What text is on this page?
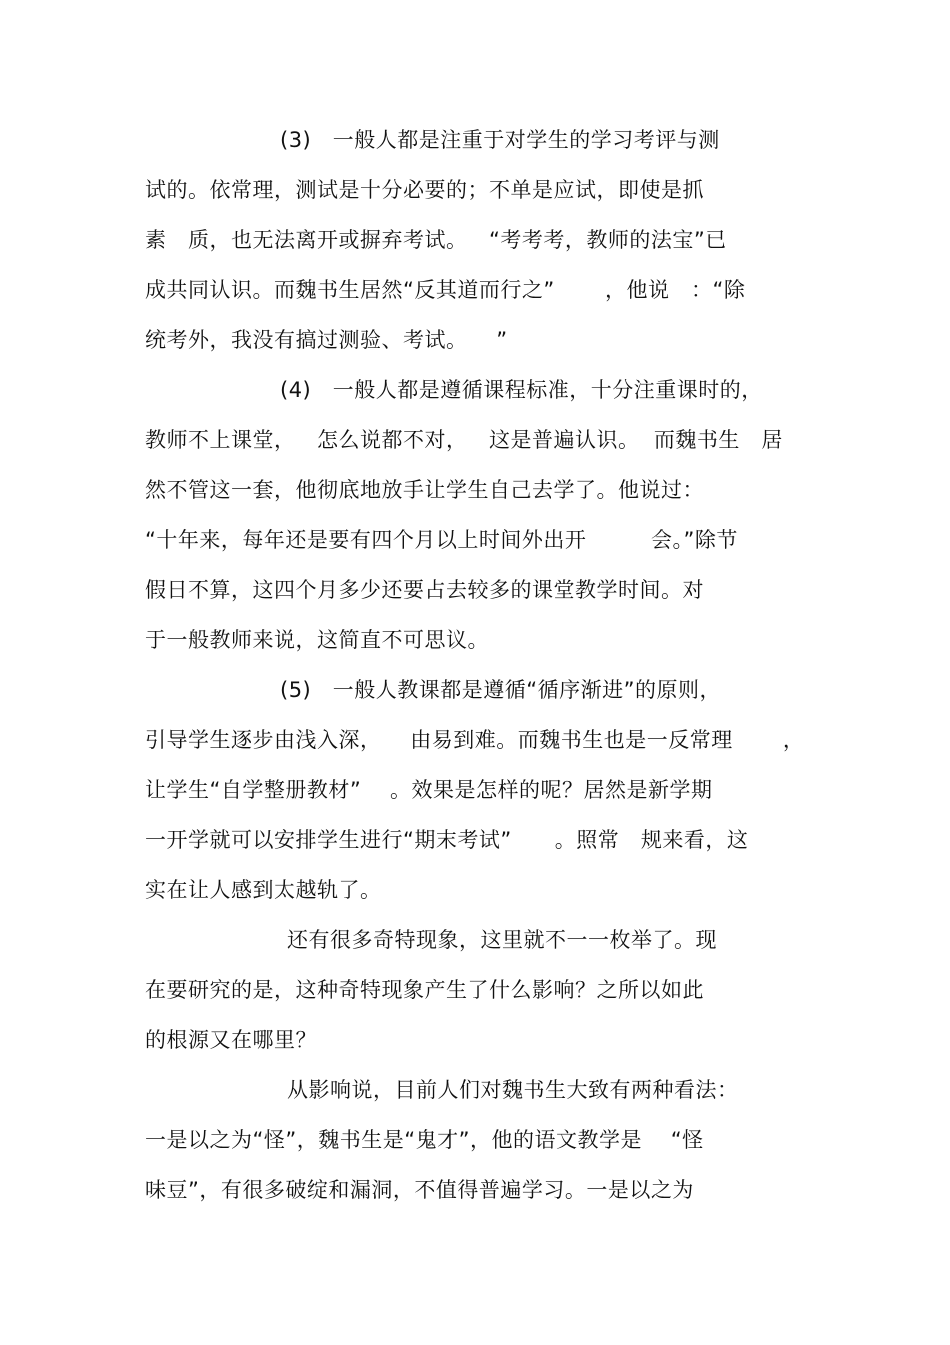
(3)   一般人都是注重于对学生的学习考评与测
试的。依常理，测试是十分必要的；不单是应试，即使是抓
素   质，也无法离开或摒弃考试。   “考考考，教师的法宝”已
成共同认识。而魏书生居然“反其道而行之”       ，他说   ：“除
统考外，我没有搞过测验、考试。    ”
(4)   一般人都是遵循课程标准，十分注重课时的，
教师不上课堂，   怎么说都不对，   这是普遍认识。  而魏书生   居
然不管这一套，他彻底地放手让学生自己去学了。他说过：
“十年来，每年还是要有四个月以上时间外出开         会。”除节
假日不算，这四个月多少还要占去较多的课堂教学时间。对
于一般教师来说，这简直不可思议。
(5)   一般人教课都是遵循“循序渐进”的原则，
引导学生逐步由浅入深，    由易到难。而魏书生也是一反常理       ，
让学生“自学整册教材”    。效果是怎样的呢？居然是新学期
一开学就可以安排学生进行“期末考试”      。照常   规来看，这
实在让人感到太越轨了。
还有很多奇特现象，这里就不一一枚举了。现
在要研究的是，这种奇特现象产生了什么影响？之所以如此
的根源又在哪里？
从影响说，目前人们对魏书生大致有两种看法：
一是以之为“怪”，魏书生是“鬼才”，他的语文教学是    “怪
味豆”，有很多破绽和漏洞，不值得普遍学习。一是以之为
